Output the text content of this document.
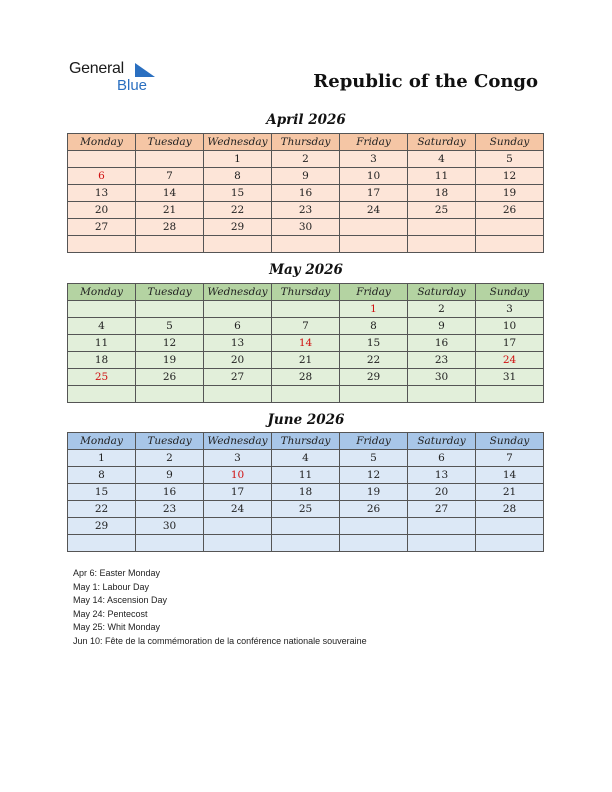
General
Blue	Republic of the Congo
April 2026
Monday	Tuesday	Wednesday	Thursday	Friday	Saturday	Sunday
		1	2	3	4	5
6	7	8	9	10	11	12
13	14	15	16	17	18	19
20	21	22	23	24	25	26
27	28	29	30			

May 2026
Monday	Tuesday	Wednesday	Thursday	Friday	Saturday	Sunday
				1	2	3
4	5	6	7	8	9	10
11	12	13	14	15	16	17
18	19	20	21	22	23	24
25	26	27	28	29	30	31

June 2026
Monday	Tuesday	Wednesday	Thursday	Friday	Saturday	Sunday
1	2	3	4	5	6	7
8	9	10	11	12	13	14
15	16	17	18	19	20	21
22	23	24	25	26	27	28
29	30					

Apr 6: Easter Monday
May 1: Labour Day
May 14: Ascension Day
May 24: Pentecost
May 25: Whit Monday
Jun 10: Fête de la commémoration de la conférence nationale souveraine
